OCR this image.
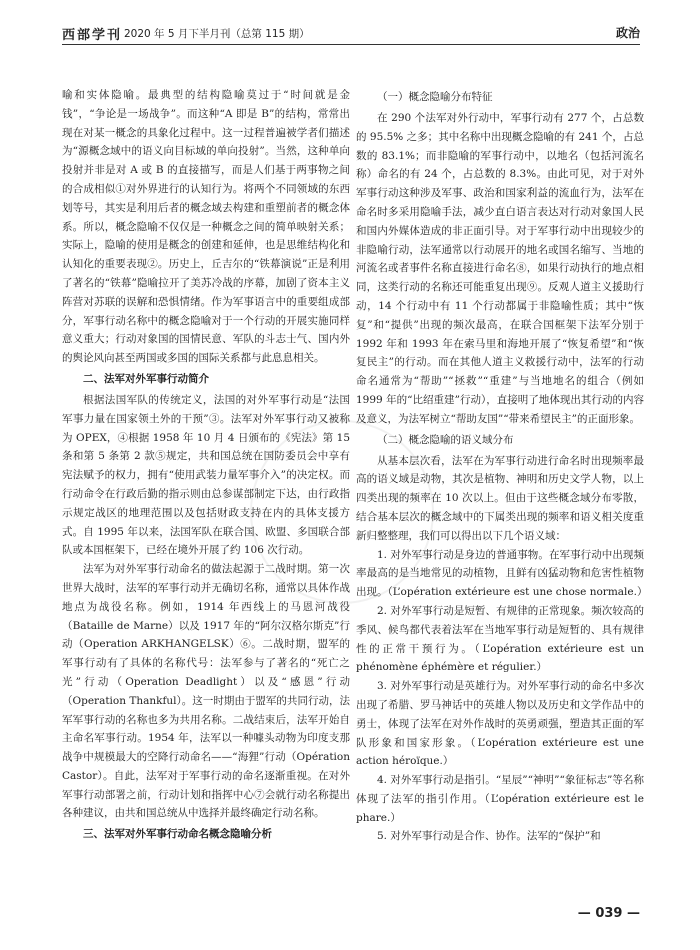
西部学刊 2020 年 5 月下半月刊（总第 115 期）	政治

喻和实体隐喻。最典型的结构隐喻莫过于“时间就是金钱”，“争论是一场战争”。而这种“A 即是 B”的结构，常常出现在对某一概念的具象化过程中。这一过程普遍被学者们描述为“源概念域中的语义向目标域的单向投射”。当然，这种单向投射并非是对 A 或 B 的直接描写，而是人们基于两事物之间的合成相似①对外界进行的认知行为。将两个不同领域的东西划等号，其实是利用后者的概念域去构建和重塑前者的概念体系。所以，概念隐喻不仅仅是一种概念之间的简单映射关系；实际上，隐喻的使用是概念的创建和延伸，也是思维结构化和认知化的重要表现②。历史上，丘吉尔的“铁幕演说”正是利用了著名的“铁幕”隐喻拉开了美苏冷战的序幕，加剧了资本主义阵营对苏联的误解和恐惧情绪。作为军事语言中的重要组成部分，军事行动名称中的概念隐喻对于一个行动的开展实施同样意义重大；行动对象国的国情民意、军队的斗志士气、国内外的舆论风向甚至两国或多国的国际关系都与此息息相关。

二、法军对外军事行动简介

根据法国军队的传统定义，法国的对外军事行动是“法国军事力量在国家领土外的干预”③。法军对外军事行动又被称为 OPEX，④根据 1958 年 10 月 4 日颁布的《宪法》第 15 条和第 5 条第 2 款⑤规定，共和国总统在国防委员会中享有宪法赋予的权力，拥有“使用武装力量军事介入”的决定权。而行动命令在行政后勤的指示则由总参谋部制定下达，由行政指示规定战区的地理范围以及包括财政支持在内的具体支援方式。自 1995 年以来，法国军队在联合国、欧盟、多国联合部队或本国框架下，已经在境外开展了约 106 次行动。

法军为对外军事行动命名的做法起源于二战时期。第一次世界大战时，法军的军事行动并无确切名称，通常以具体作战地点为战役名称。例如，1914 年西线上的马恩河战役（Bataille de Marne）以及 1917 年的“阿尔汉格尔斯克”行动（Operation ARKHANGELSK）⑥。二战时期，盟军的军事行动有了具体的名称代号：法军参与了著名的“死亡之光”行动（Operation Deadlight）以及“感恩”行动（Operation Thankful）。这一时期由于盟军的共同行动，法军军事行动的名称也多为共用名称。二战结束后，法军开始自主命名军事行动。1954 年，法军以一种噱头动物为印度支那战争中规模最大的空降行动命名——“海狸”行动（Opération Castor）。自此，法军对于军事行动的命名逐渐重视。在对外军事行动部署之前，行动计划和指挥中心⑦会就行动名称提出各种建议，由共和国总统从中选择并最终确定行动名称。

三、法军对外军事行动命名概念隐喻分析
（一）概念隐喻分布特征

在 290 个法军对外行动中，军事行动有 277 个，占总数的 95.5% 之多；其中名称中出现概念隐喻的有 241 个，占总数的 83.1%；而非隐喻的军事行动中，以地名（包括河流名称）命名的有 24 个，占总数的 8.3%。由此可见，对于对外军事行动这种涉及军事、政治和国家利益的流血行为，法军在命名时多采用隐喻手法，减少直白语言表达对行动对象国人民和国内外媒体造成的非正面引导。对于军事行动中出现较少的非隐喻行动，法军通常以行动展开的地名或国名缩写、当地的河流名或者事件名称直接进行命名⑧，如果行动执行的地点相同，这类行动的名称还可能重复出现⑨。反观人道主义援助行动，14 个行动中有 11 个行动都属于非隐喻性质；其中“恢复”和“提供”出现的频次最高，在联合国框架下法军分别于 1992 年和 1993 年在索马里和海地开展了“恢复希望”和“恢复民主”的行动。而在其他人道主义救援行动中，法军的行动命名通常为“帮助”“拯救”“重建”与当地地名的组合（例如 1999 年的“比绍重建”行动），直接明了地体现出其行动的内容及意义，为法军树立“帮助友国”“带来希望民主”的正面形象。

（二）概念隐喻的语义域分布

从基本层次看，法军在为军事行动进行命名时出现频率最高的语义域是动物，其次是植物、神明和历史文学人物，以上四类出现的频率在 10 次以上。但由于这些概念域分布零散，结合基本层次的概念域中的下属类出现的频率和语义相关度重新归整整理，我们可以得出以下几个语义域：

1. 对外军事行动是身边的普通事物。在军事行动中出现频率最高的是当地常见的动植物，且鲜有凶猛动物和危害性植物出现。（L’opération extérieure est une chose normale.）

2. 对外军事行动是短暂、有规律的正常现象。频次较高的季风、候鸟都代表着法军在当地军事行动是短暂的、具有规律性的正常干预行为。（L’opération extérieure est un phénomène éphémère et régulier.）

3. 对外军事行动是英雄行为。对外军事行动的命名中多次出现了希腊、罗马神话中的英雄人物以及历史和文学作品中的勇士，体现了法军在对外作战时的英勇顽强，塑造其正面的军队形象和国家形象。（L’opération extérieure est une action héroïque.）

4. 对外军事行动是指引。“星辰”“神明”“象征标志”等名称体现了法军的指引作用。（L’opération extérieure est le phare.）

5. 对外军事行动是合作、协作。法军的“保护”和

— 039 —
